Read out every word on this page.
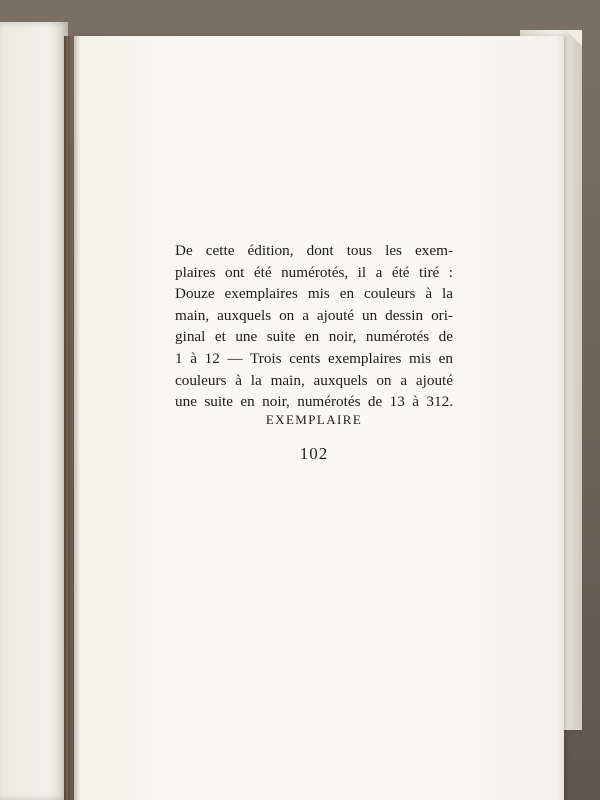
De cette édition, dont tous les exem-
plaires ont été numérotés, il a été tiré :
Douze exemplaires mis en couleurs à la
main, auxquels on a ajouté un dessin ori-
ginal et une suite en noir, numérotés de
1 à 12 — Trois cents exemplaires mis en
couleurs à la main, auxquels on a ajouté
une suite en noir, numérotés de 13 à 312.
EXEMPLAIRE
102
